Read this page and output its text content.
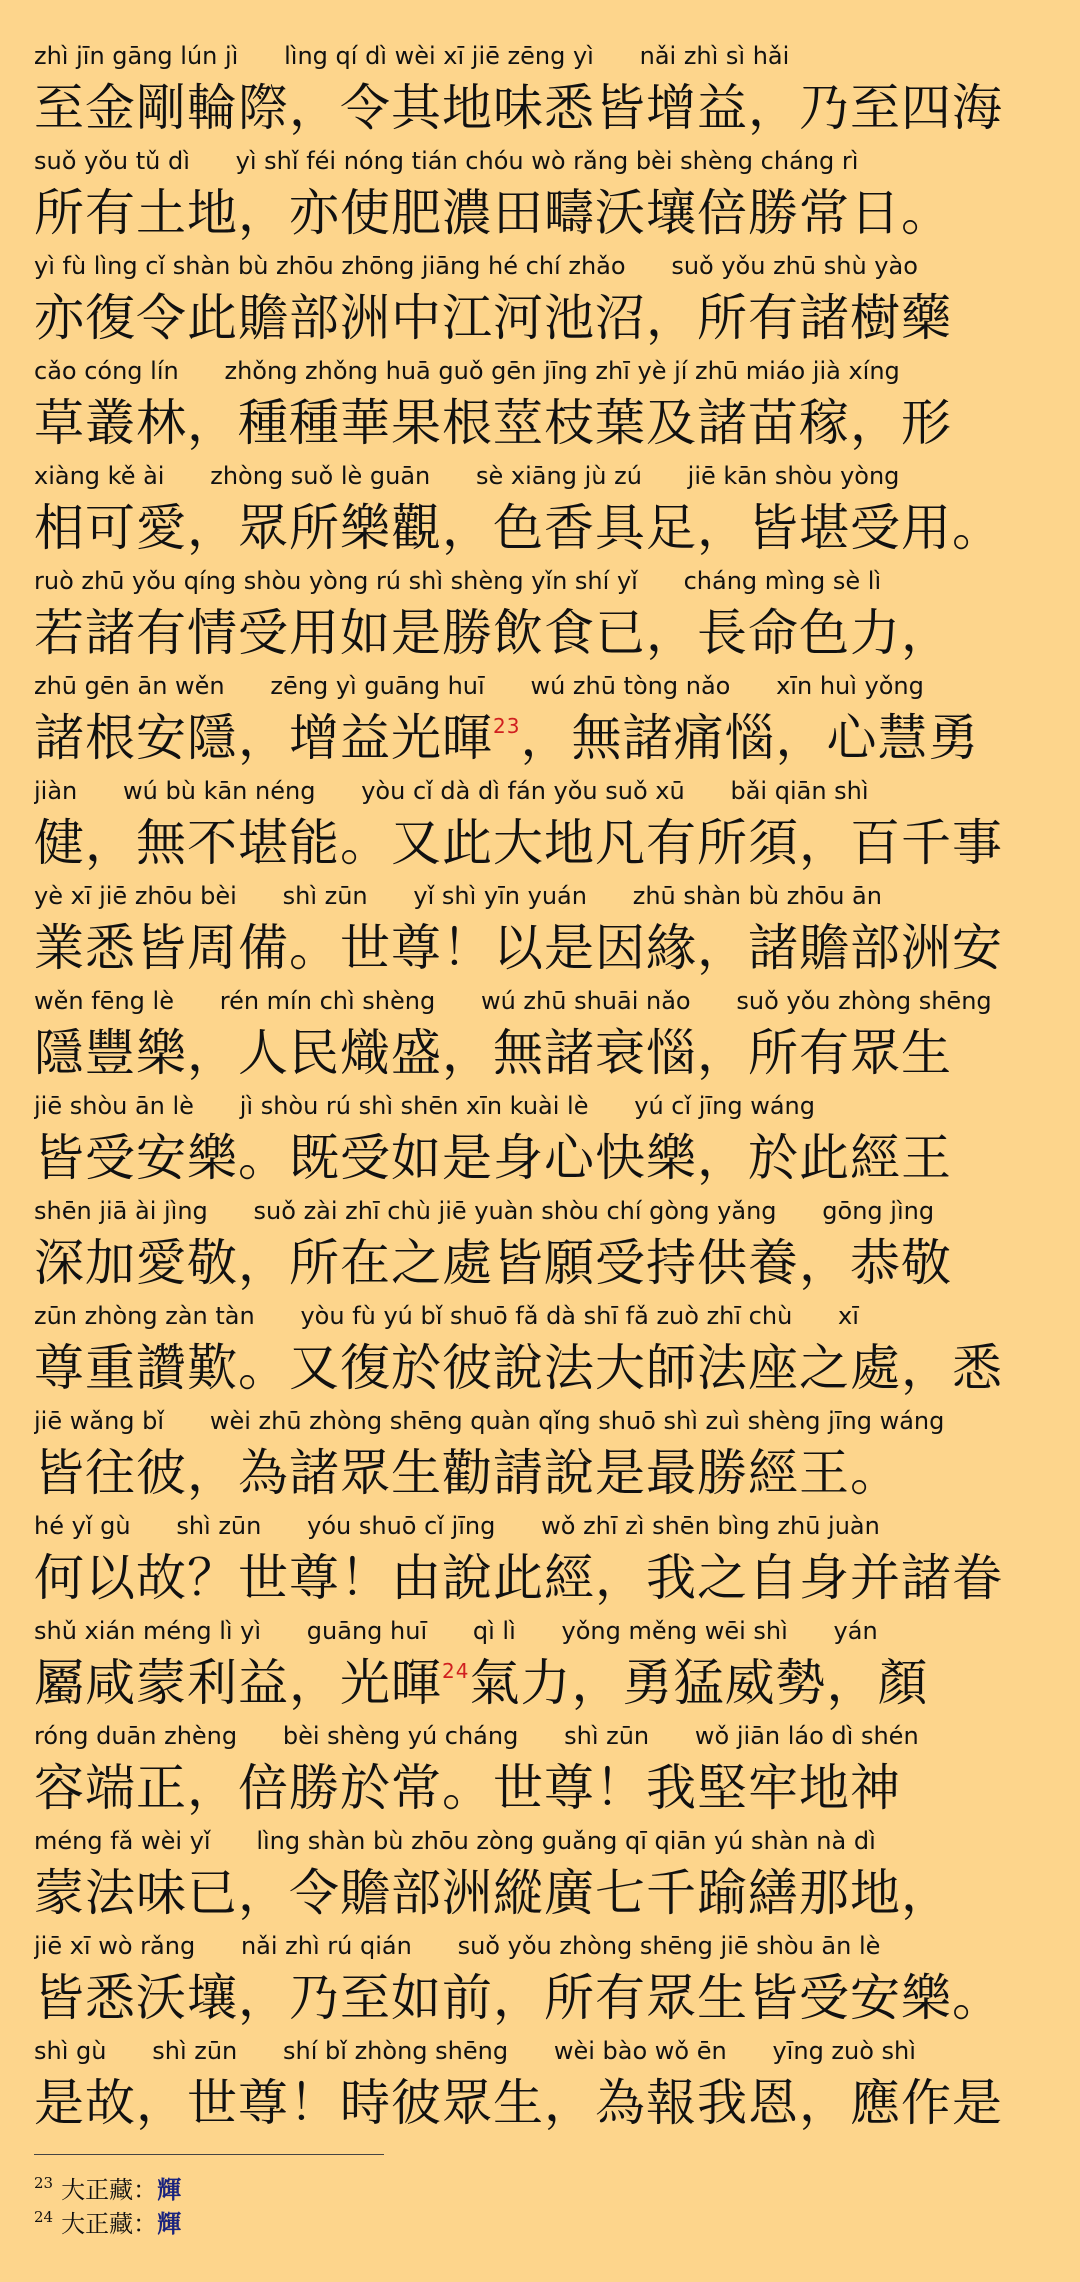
zhì jīn gāng lún jì      lìng qí dì wèi xī jiē zēng yì      nǎi zhì sì hǎi
至金剛輪際，令其地味悉皆增益，乃至四海
suǒ yǒu tǔ dì      yì shǐ féi nóng tián chóu wò rǎng bèi shèng cháng rì
所有土地，亦使肥濃田疇沃壤倍勝常日。
yì fù lìng cǐ shàn bù zhōu zhōng jiāng hé chí zhǎo      suǒ yǒu zhū shù yào
亦復令此贍部洲中江河池沼，所有諸樹藥
cǎo cóng lín      zhǒng zhǒng huā guǒ gēn jīng zhī yè jí zhū miáo jià xíng
草叢林，種種華果根莖枝葉及諸苗稼，形
xiàng kě ài      zhòng suǒ lè guān      sè xiāng jù zú      jiē kān shòu yòng
相可愛，眾所樂觀，色香具足，皆堪受用。
ruò zhū yǒu qíng shòu yòng rú shì shèng yǐn shí yǐ      cháng mìng sè lì
若諸有情受用如是勝飲食已，長命色力，
zhū gēn ān wěn      zēng yì guāng huī      wú zhū tòng nǎo      xīn huì yǒng
諸根安隱，增益光暉$^{23}$，無諸痛惱，心慧勇
jiàn      wú bù kān néng      yòu cǐ dà dì fán yǒu suǒ xū      bǎi qiān shì
健，無不堪能。又此大地凡有所須，百千事
yè xī jiē zhōu bèi      shì zūn      yǐ shì yīn yuán      zhū shàn bù zhōu ān
業悉皆周備。世尊！以是因緣，諸贍部洲安
wěn fēng lè      rén mín chì shèng      wú zhū shuāi nǎo      suǒ yǒu zhòng shēng
隱豐樂，人民熾盛，無諸衰惱，所有眾生
jiē shòu ān lè      jì shòu rú shì shēn xīn kuài lè      yú cǐ jīng wáng
皆受安樂。既受如是身心快樂，於此經王
shēn jiā ài jìng      suǒ zài zhī chù jiē yuàn shòu chí gòng yǎng      gōng jìng
深加愛敬，所在之處皆願受持供養，恭敬
zūn zhòng zàn tàn      yòu fù yú bǐ shuō fǎ dà shī fǎ zuò zhī chù      xī
尊重讚歎。又復於彼說法大師法座之處，悉
jiē wǎng bǐ      wèi zhū zhòng shēng quàn qǐng shuō shì zuì shèng jīng wáng
皆往彼，為諸眾生勸請說是最勝經王。
hé yǐ gù      shì zūn      yóu shuō cǐ jīng      wǒ zhī zì shēn bìng zhū juàn
何以故？世尊！由說此經，我之自身并諸眷
shǔ xián méng lì yì      guāng huī      qì lì      yǒng měng wēi shì      yán
屬咸蒙利益，光暉$^{24}$氣力，勇猛威勢，顏
róng duān zhèng      bèi shèng yú cháng      shì zūn      wǒ jiān láo dì shén
容端正，倍勝於常。世尊！我堅牢地神
méng fǎ wèi yǐ      lìng shàn bù zhōu zòng guǎng qī qiān yú shàn nà dì
蒙法味已，令贍部洲縱廣七千踰繕那地，
jiē xī wò rǎng      nǎi zhì rú qián      suǒ yǒu zhòng shēng jiē shòu ān lè
皆悉沃壤，乃至如前，所有眾生皆受安樂。
shì gù      shì zūn      shí bǐ zhòng shēng      wèi bào wǒ ēn      yīng zuò shì
是故，世尊！時彼眾生，為報我恩，應作是
$^{23}$ 大正藏：輝
$^{24}$ 大正藏：輝
